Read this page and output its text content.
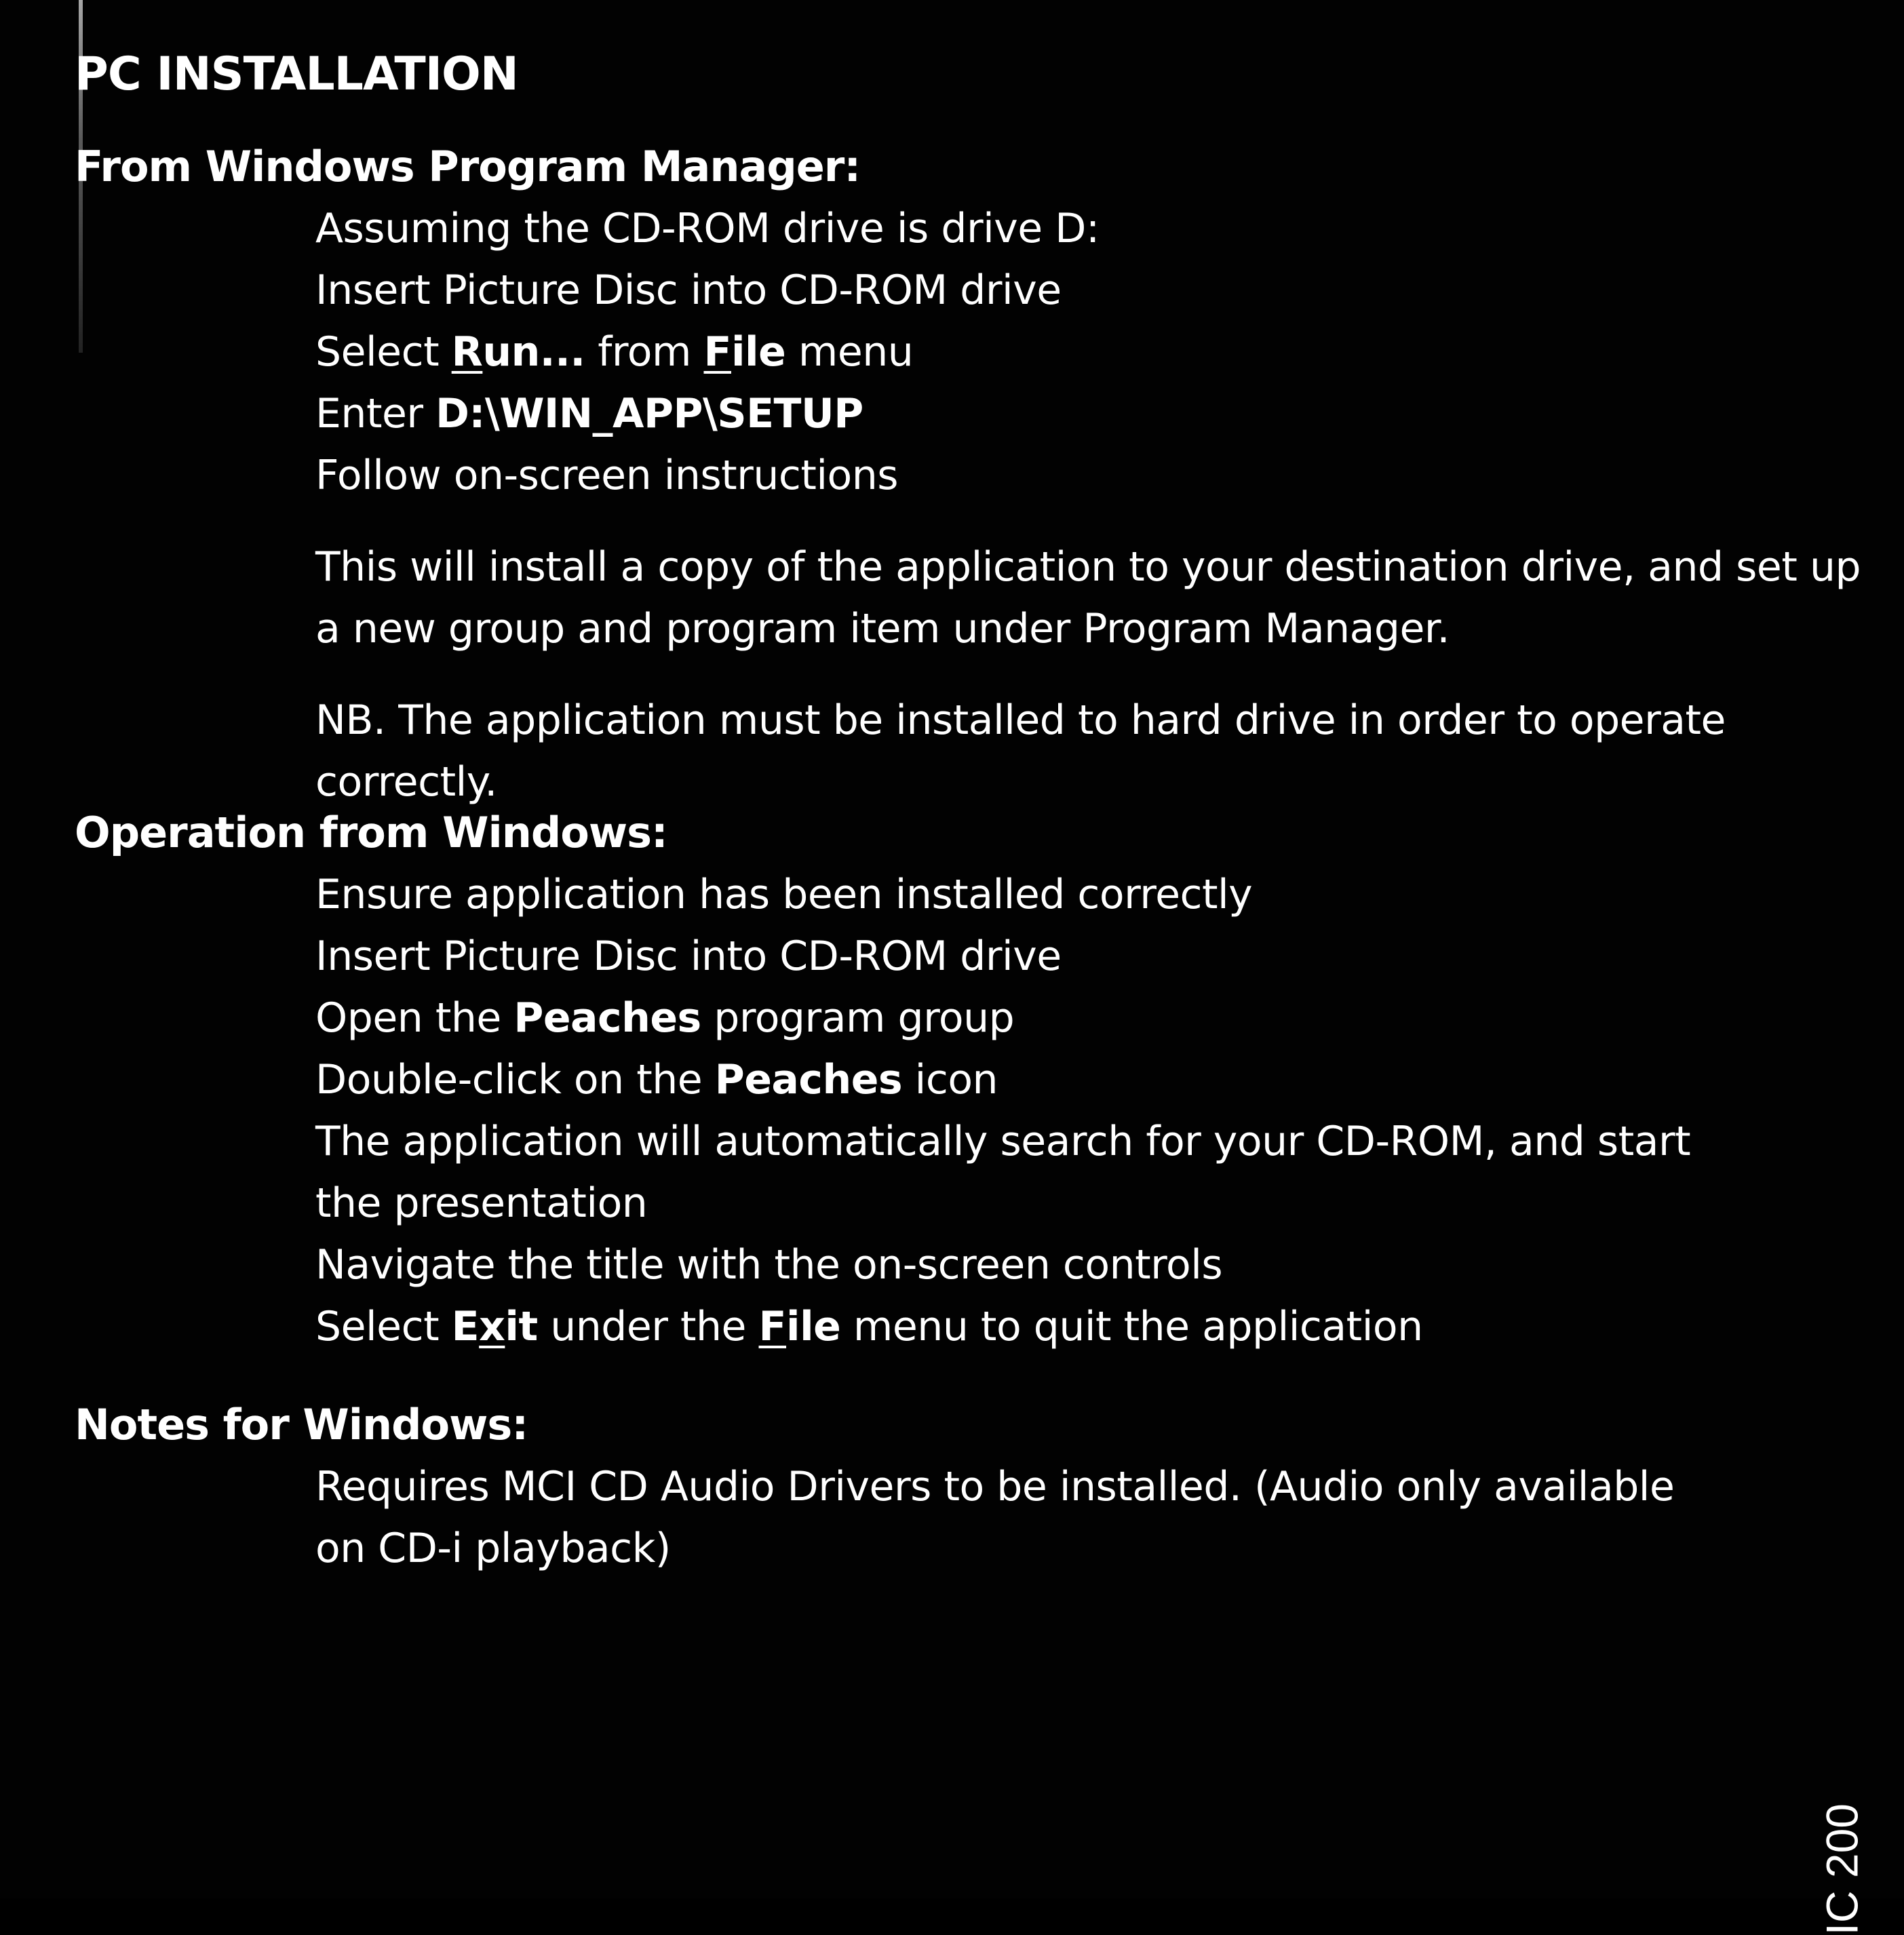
PC INSTALLATION
From Windows Program Manager:
Assuming the CD-ROM drive is drive D:
Insert Picture Disc into CD-ROM drive
Select Run... from File menu
Enter D:\WIN_APP\SETUP
Follow on-screen instructions

This will install a copy of the application to your destination drive, and set up
a new group and program item under Program Manager.

NB. The application must be installed to hard drive in order to operate correctly.

Operation from Windows:
Ensure application has been installed correctly
Insert Picture Disc into CD-ROM drive
Open the Peaches program group
Double-click on the Peaches icon
The application will automatically search for your CD-ROM, and start
the presentation
Navigate the title with the on-screen controls
Select Exit under the File menu to quit the application
Notes for Windows:

Requires MCI CD Audio Drivers to be installed. (Audio only available
on CD-i playback)

IC 200
